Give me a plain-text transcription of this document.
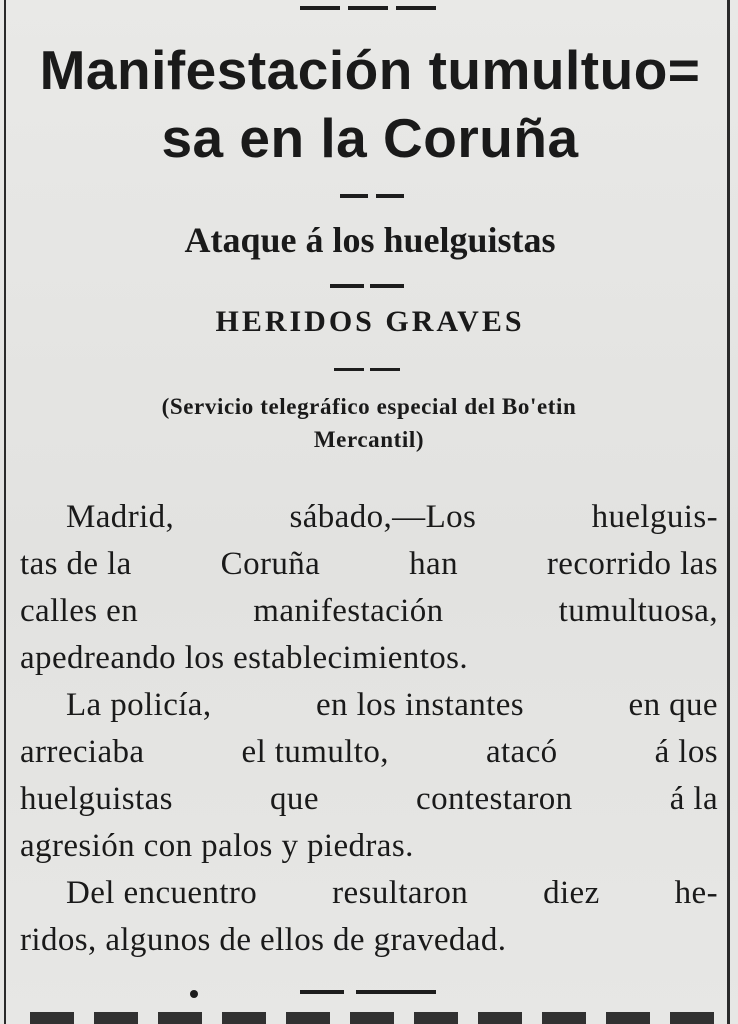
Manifestación tumultuo=
sa en la Coruña
Ataque á los huelguistas
HERIDOS GRAVES

(Servicio telegráfico especial del Bo'etin

Mercantil)

Madrid,	sábado,—Los	huelguis-
tas de la	Coruña	han	recorrido las
calles en	manifestación	tumultuosa,
apedreando los establecimientos.
La policía,	en los instantes	en que
arreciaba	el tumulto,	atacó	á los
huelguistas	que	contestaron	á la
agresión con palos y piedras.
Del encuentro resultaron diez he-
ridos, algunos de ellos de gravedad.
